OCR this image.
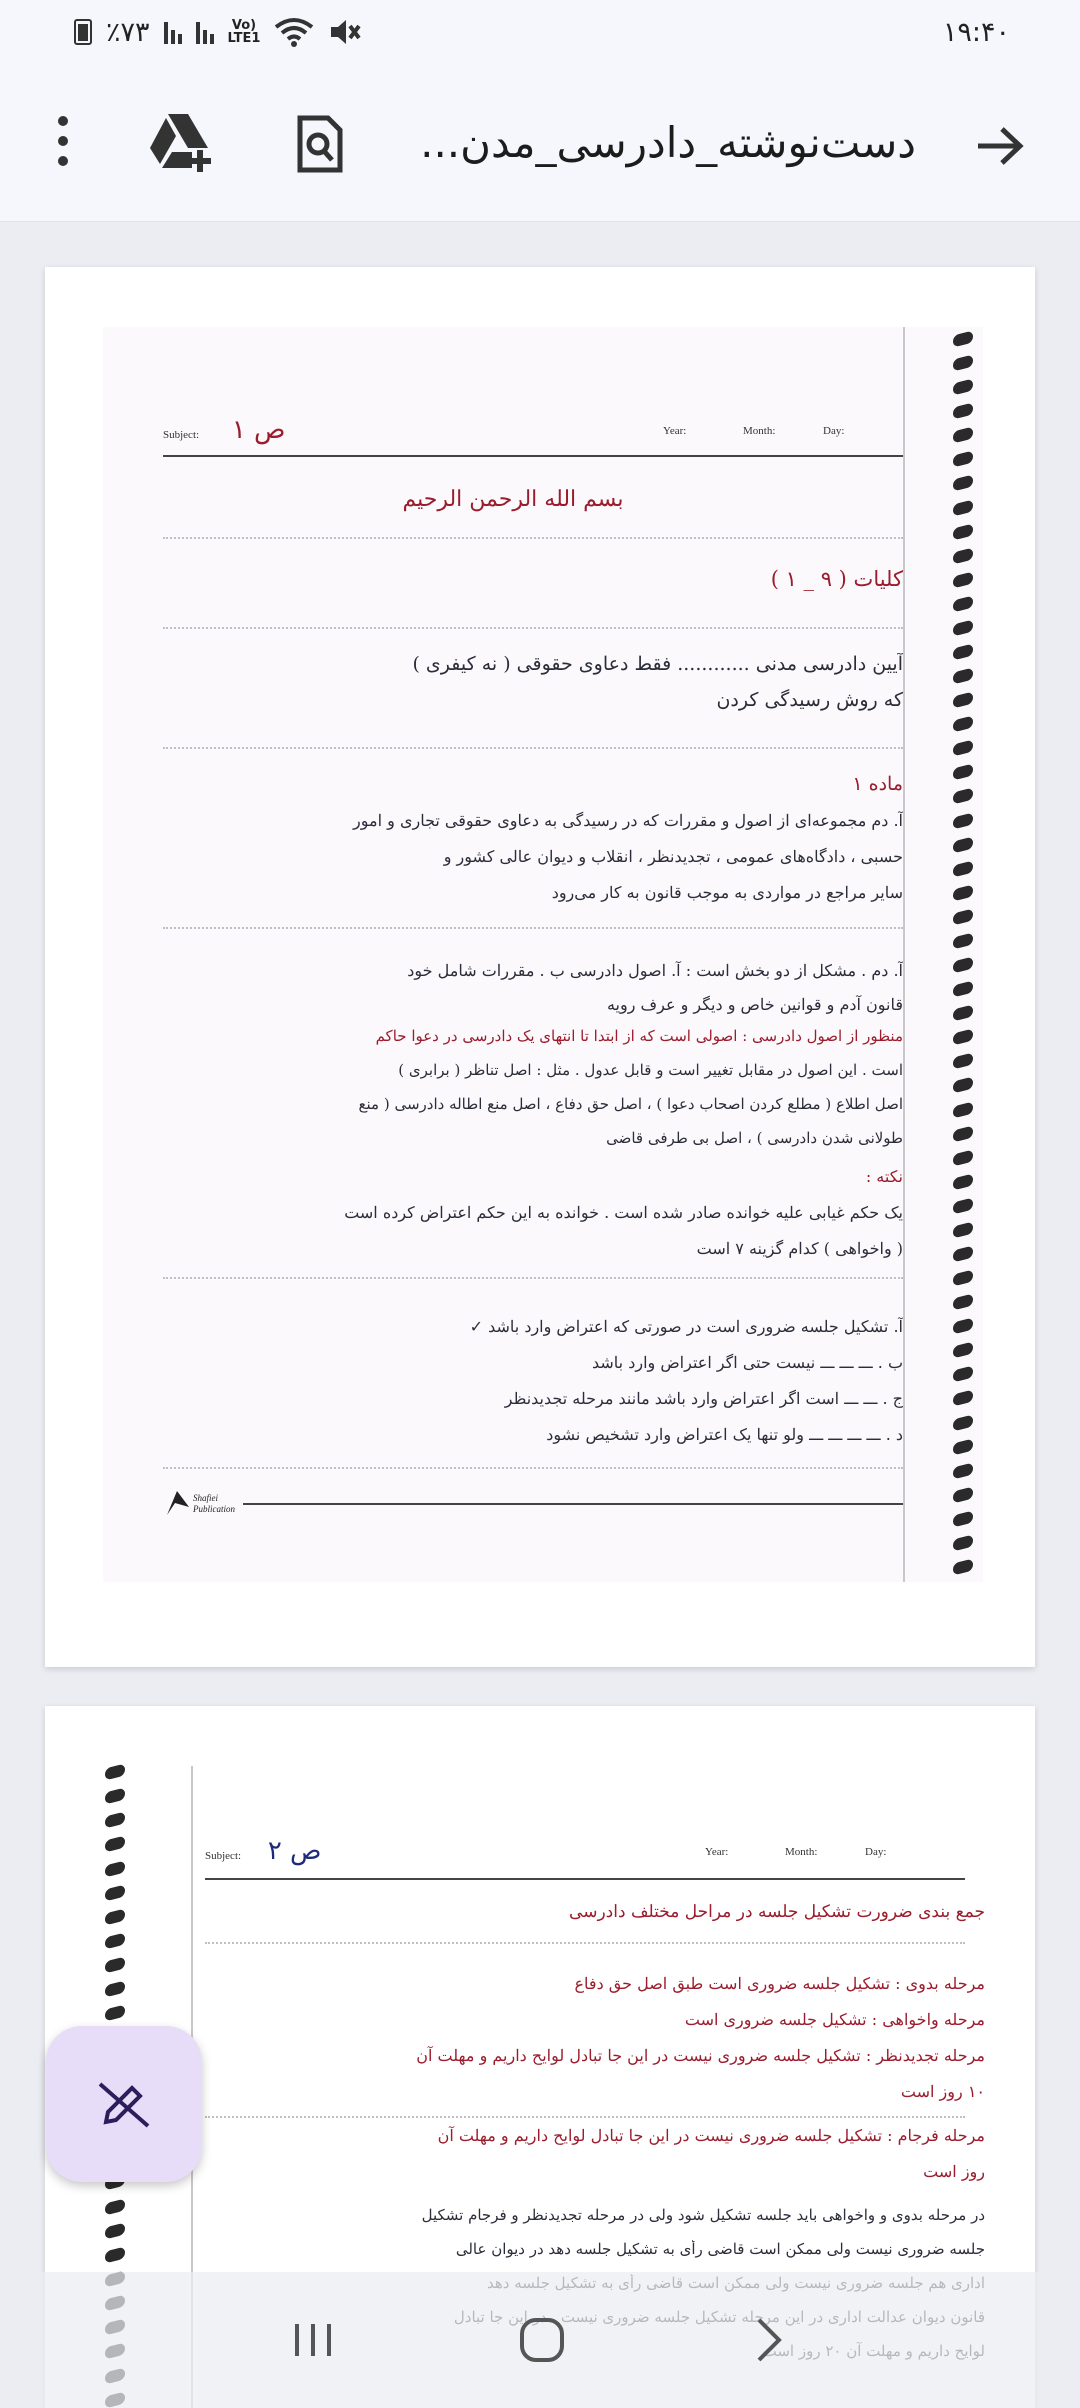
٪۷۳	Vo)
LTE1	۱۹:۴۰
دست‌نوشته_دادرسی_مدن...
Subject: ص ۱	Year:	Month:	Day:
بسم الله الرحمن الرحیم
کلیات ( ۹ _ ۱ )
آیین دادرسی مدنی ............ فقط دعاوی حقوقی ( نه کیفری )
که روش رسیدگی کردن
ماده ۱
آ. دم مجموعه‌ای از اصول و مقررات که در رسیدگی به دعاوی حقوقی تجاری و امور
حسبی ، دادگاه‌های عمومی ، تجدیدنظر ، انقلاب و دیوان عالی کشور و
سایر مراجع در مواردی به موجب قانون به کار می‌رود
آ. دم . مشکل از دو بخش است : آ. اصول دادرسی ب . مقررات شامل خود
قانون آدم و قوانین خاص و دیگر و عرف رویه
منظور از اصول دادرسی : اصولی است که از ابتدا تا انتهای یک دادرسی در دعوا حاکم
است . این اصول در مقابل تغییر است و قابل عدول . مثل : اصل تناظر ( برابری )
اصل اطلاع ( مطلع کردن اصحاب دعوا ) ، اصل حق دفاع ، اصل منع اطاله دادرسی ( منع
طولانی شدن دادرسی ) ، اصل بی طرفی قاضی
نکته :
یک حکم غیابی علیه خوانده صادر شده است . خوانده به این حکم اعتراض کرده است
( واخواهی ) کدام گزینه ۷ است
آ. تشکیل جلسه ضروری است در صورتی که اعتراض وارد باشد ✓
ب . ـــ ـــ ـــ نیست حتی اگر اعتراض وارد باشد
ج . ـــ ـــ است اگر اعتراض وارد باشد مانند مرحله تجدیدنظر
د . ـــ ـــ ـــ ـــ ولو تنها یک اعتراض وارد تشخیص نشود
Shafiei
Publication
Subject: ص ۲	Year:	Month:	Day:
جمع بندی ضرورت تشکیل جلسه در مراحل مختلف دادرسی
مرحله بدوی : تشکیل جلسه ضروری است طبق اصل حق دفاع
مرحله واخواهی : تشکیل جلسه ضروری است
مرحله تجدیدنظر : تشکیل جلسه ضروری نیست در این جا تبادل لوایح داریم و مهلت آن
۱۰ روز است
مرحله فرجام : تشکیل جلسه ضروری نیست در این جا تبادل لوایح داریم و مهلت آن
روز است
در مرحله بدوی و واخواهی باید جلسه تشکیل شود ولی در مرحله تجدیدنظر و فرجام تشکیل
جلسه ضروری نیست ولی ممکن است قاضی رأی به تشکیل جلسه دهد در دیوان عالی
